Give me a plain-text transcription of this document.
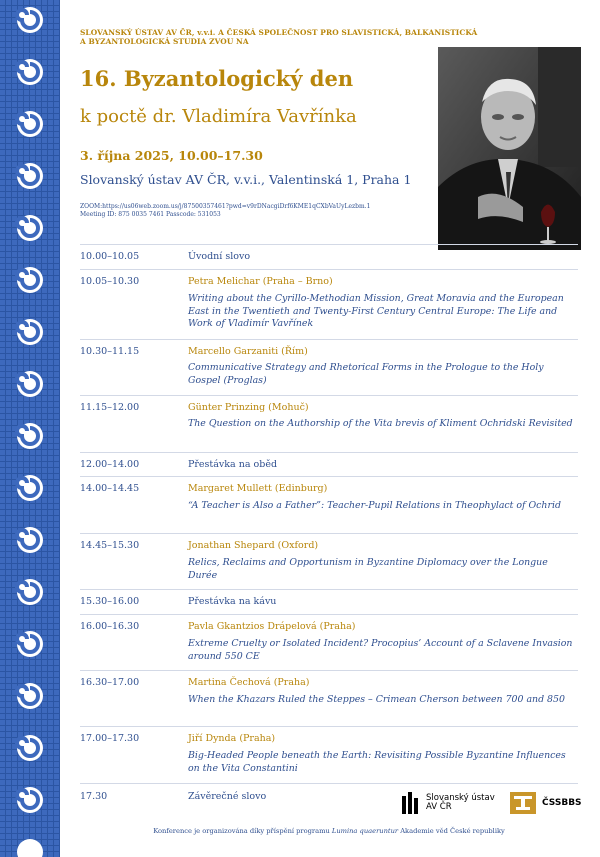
SLOVANSKÝ ÚSTAV AV ČR, v.v.i. A ČESKÁ SPOLEČNOST PRO SLAVISTICKÁ, BALKANISTICKÁ
A BYZANTOLOGICKÁ STUDIA ZVOU NA
16. Byzantologický den
k poctě dr. Vladimíra Vavřínka
3. října 2025, 10.00–17.30
Slovanský ústav AV ČR, v.v.i., Valentinská 1, Praha 1
ZOOM:https://us06web.zoom.us/j/87500357461?pwd=v9rDNacgiDrf6KME1qCXbVaUyLezbm.1
Meeting ID: 875 0035 7461 Passcode: 531053
10.00–10.05	Úvodní slovo
10.05–10.30	Petra Melichar (Praha – Brno)
Writing about the Cyrillo-Methodian Mission, Great Moravia and the European East in the Twentieth and Twenty-First Century Central Europe: The Life and Work of Vladimír Vavřínek
10.30–11.15	Marcello Garzaniti (Řím)
Communicative Strategy and Rhetorical Forms in the Prologue to the Holy Gospel (Proglas)
11.15–12.00	Günter Prinzing (Mohuč)
The Question on the Authorship of the Vita brevis of Kliment Ochridski Revisited
12.00–14.00	Přestávka na oběd
14.00–14.45	Margaret Mullett (Edinburg)
“A Teacher is Also a Father”: Teacher-Pupil Relations in Theophylact of Ochrid
14.45–15.30	Jonathan Shepard (Oxford)
Relics, Reclaims and Opportunism in Byzantine Diplomacy over the Longue Durée
15.30–16.00	Přestávka na kávu
16.00–16.30	Pavla Gkantzios Drápelová (Praha)
Extreme Cruelty or Isolated Incident? Procopius’ Account of a Sclavene Invasion around 550 CE
16.30–17.00	Martina Čechová (Praha)
When the Khazars Ruled the Steppes – Crimean Cherson between 700 and 850
17.00–17.30	Jiří Dynda (Praha)
Big-Headed People beneath the Earth: Revisiting Possible Byzantine Influences on the Vita Constantini
17.30	Závěrečné slovo	Slovanský ústav
AV ČR	ČSSBBS
Konference je organizována díky příspění programu Lumina quaeruntur Akademie věd České republiky
